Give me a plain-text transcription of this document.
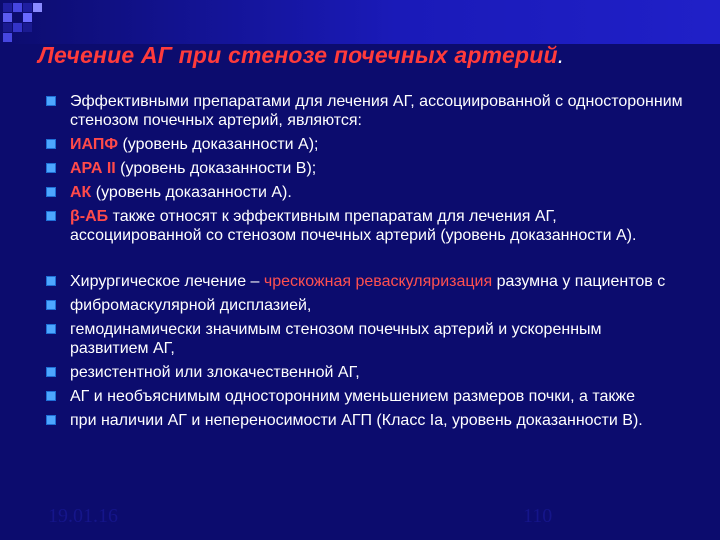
Лечение АГ при стенозе почечных артерий.
Эффективными препаратами для лечения АГ, ассоциированной с односторонним стенозом почечных артерий, являются:
ИАПФ (уровень доказанности А);
АРА II (уровень доказанности В);
АК (уровень доказанности А).
β-АБ также относят к эффективным препаратам для лечения АГ, ассоциированной со стенозом почечных артерий (уровень доказанности А).
Хирургическое лечение – чрескожная реваскуляризация разумна у пациентов с
фибромаскулярной дисплазией,
гемодинамически значимым стенозом почечных артерий и ускоренным развитием АГ,
резистентной или злокачественной АГ,
АГ и необъяснимым односторонним уменьшением размеров почки, а также
при наличии АГ и непереносимости АГП (Класс Ia, уровень доказанности В).
19.01.16	110
